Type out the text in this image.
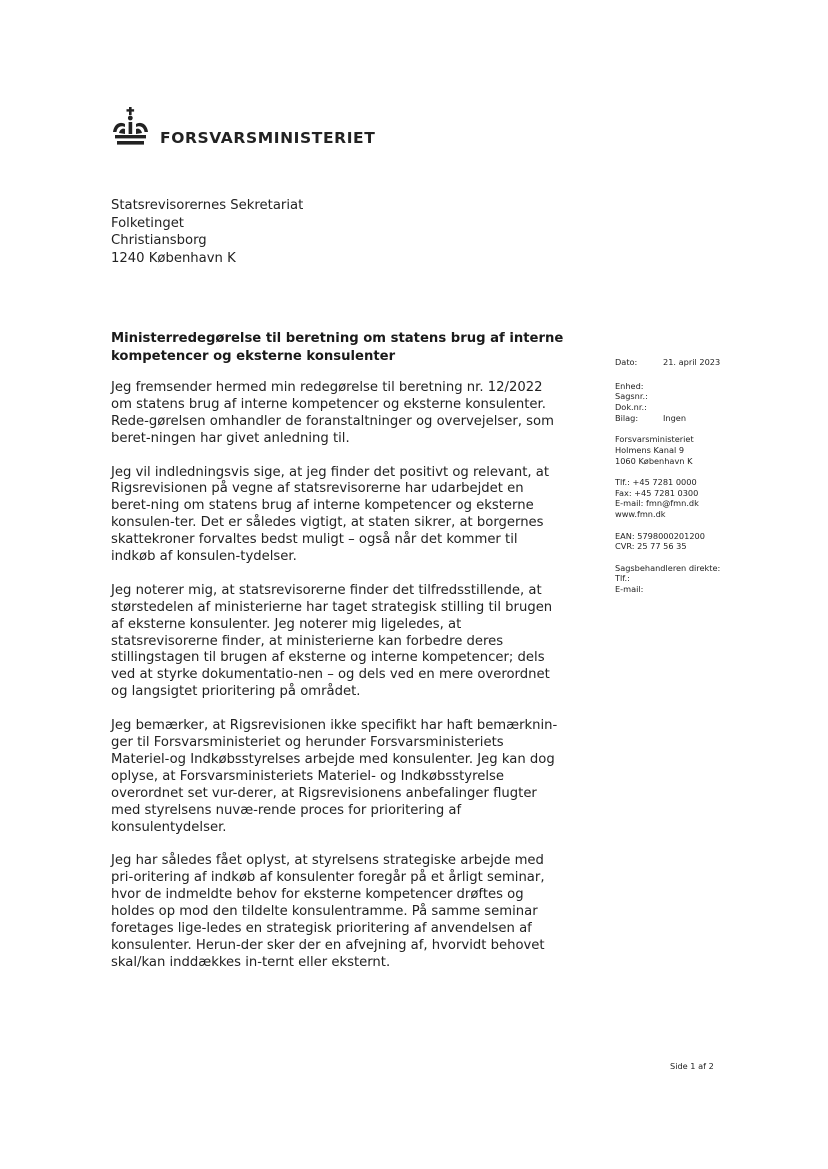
FORSVARSMINISTERIET
Statsrevisorernes Sekretariat
Folketinget
Christiansborg
1240 København K
Ministerredegørelse til beretning om statens brug af interne
kompetencer og eksterne konsulenter

Jeg fremsender hermed min redegørelse til beretning nr. 12/2022 om statens brug af interne kompetencer og eksterne konsulenter. Rede-gørelsen omhandler de foranstaltninger og overvejelser, som beret-ningen har givet anledning til.

Jeg vil indledningsvis sige, at jeg finder det positivt og relevant, at Rigsrevisionen på vegne af statsrevisorerne har udarbejdet en beret-ning om statens brug af interne kompetencer og eksterne konsulen-ter. Det er således vigtigt, at staten sikrer, at borgernes skattekroner forvaltes bedst muligt – også når det kommer til indkøb af konsulen-tydelser.

Jeg noterer mig, at statsrevisorerne finder det tilfredsstillende, at størstedelen af ministerierne har taget strategisk stilling til brugen af eksterne konsulenter. Jeg noterer mig ligeledes, at statsrevisorerne finder, at ministerierne kan forbedre deres stillingstagen til brugen af eksterne og interne kompetencer; dels ved at styrke dokumentatio-nen – og dels ved en mere overordnet og langsigtet prioritering på området.

Jeg bemærker, at Rigsrevisionen ikke specifikt har haft bemærknin-ger til Forsvarsministeriet og herunder Forsvarsministeriets Materiel-og Indkøbsstyrelses arbejde med konsulenter. Jeg kan dog oplyse, at Forsvarsministeriets Materiel- og Indkøbsstyrelse overordnet set vur-derer, at Rigsrevisionens anbefalinger flugter med styrelsens nuvæ-rende proces for prioritering af konsulentydelser.

Jeg har således fået oplyst, at styrelsens strategiske arbejde med pri-oritering af indkøb af konsulenter foregår på et årligt seminar, hvor de indmeldte behov for eksterne kompetencer drøftes og holdes op mod den tildelte konsulentramme. På samme seminar foretages lige-ledes en strategisk prioritering af anvendelsen af konsulenter. Herun-der sker der en afvejning af, hvorvidt behovet skal/kan inddækkes in-ternt eller eksternt.

Dato:	21. april 2023
Enhed:
Sagsnr.:
Dok.nr.:
Bilag:	Ingen
Forsvarsministeriet
Holmens Kanal 9
1060 København K
Tlf.: +45 7281 0000
Fax: +45 7281 0300
E-mail: fmn@fmn.dk
www.fmn.dk
EAN: 5798000201200
CVR: 25 77 56 35
Sagsbehandleren direkte:
Tlf.:
E-mail:
Side 1 af 2
